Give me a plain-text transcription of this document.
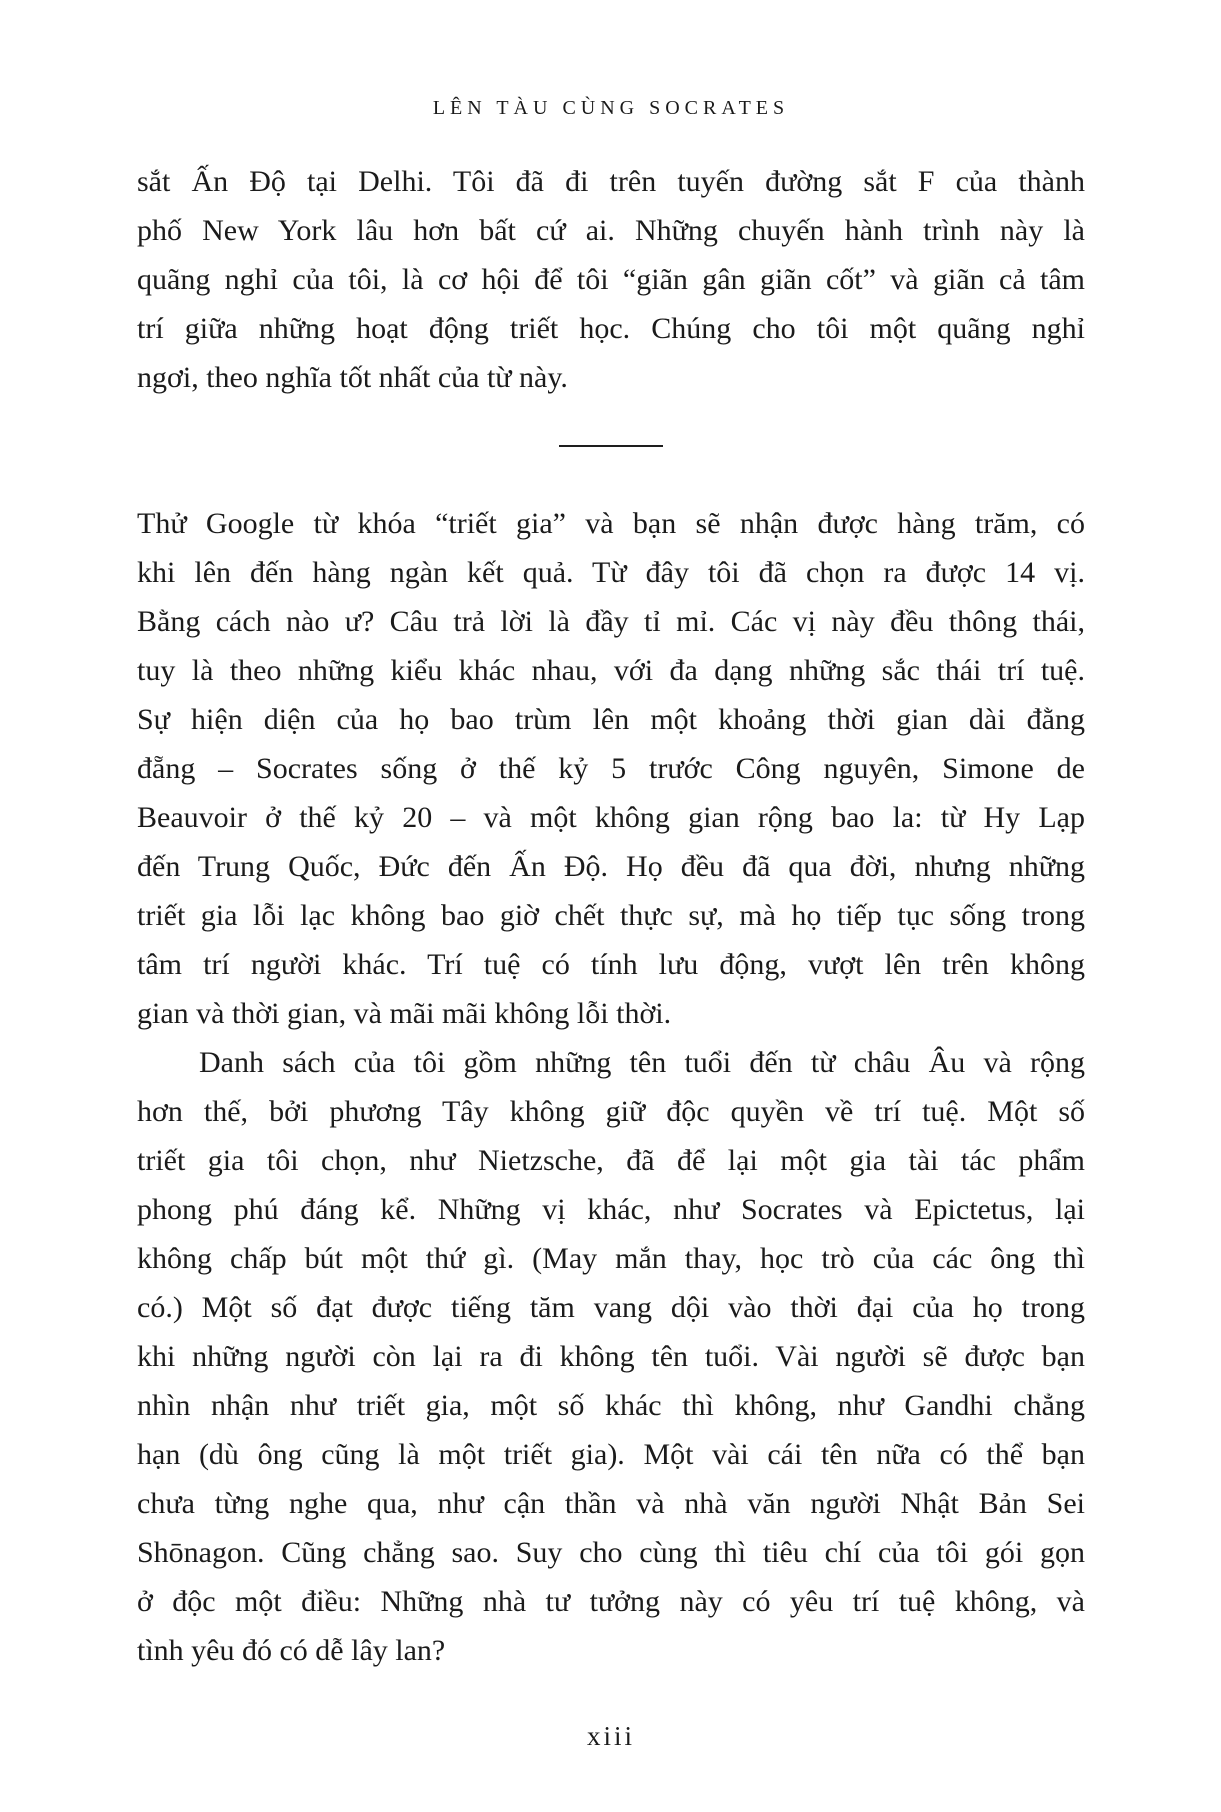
LÊN TÀU CÙNG SOCRATES
sắt Ấn Độ tại Delhi. Tôi đã đi trên tuyến đường sắt F của thành
phố New York lâu hơn bất cứ ai. Những chuyến hành trình này là
quãng nghỉ của tôi, là cơ hội để tôi “giãn gân giãn cốt” và giãn cả tâm
trí giữa những hoạt động triết học. Chúng cho tôi một quãng nghỉ
ngơi, theo nghĩa tốt nhất của từ này.
Thử Google từ khóa “triết gia” và bạn sẽ nhận được hàng trăm, có
khi lên đến hàng ngàn kết quả. Từ đây tôi đã chọn ra được 14 vị.
Bằng cách nào ư? Câu trả lời là đầy tỉ mỉ. Các vị này đều thông thái,
tuy là theo những kiểu khác nhau, với đa dạng những sắc thái trí tuệ.
Sự hiện diện của họ bao trùm lên một khoảng thời gian dài đằng
đẵng – Socrates sống ở thế kỷ 5 trước Công nguyên, Simone de
Beauvoir ở thế kỷ 20 – và một không gian rộng bao la: từ Hy Lạp
đến Trung Quốc, Đức đến Ấn Độ. Họ đều đã qua đời, nhưng những
triết gia lỗi lạc không bao giờ chết thực sự, mà họ tiếp tục sống trong
tâm trí người khác. Trí tuệ có tính lưu động, vượt lên trên không
gian và thời gian, và mãi mãi không lỗi thời.
Danh sách của tôi gồm những tên tuổi đến từ châu Âu và rộng
hơn thế, bởi phương Tây không giữ độc quyền về trí tuệ. Một số
triết gia tôi chọn, như Nietzsche, đã để lại một gia tài tác phẩm
phong phú đáng kể. Những vị khác, như Socrates và Epictetus, lại
không chấp bút một thứ gì. (May mắn thay, học trò của các ông thì
có.) Một số đạt được tiếng tăm vang dội vào thời đại của họ trong
khi những người còn lại ra đi không tên tuổi. Vài người sẽ được bạn
nhìn nhận như triết gia, một số khác thì không, như Gandhi chẳng
hạn (dù ông cũng là một triết gia). Một vài cái tên nữa có thể bạn
chưa từng nghe qua, như cận thần và nhà văn người Nhật Bản Sei
Shōnagon. Cũng chẳng sao. Suy cho cùng thì tiêu chí của tôi gói gọn
ở độc một điều: Những nhà tư tưởng này có yêu trí tuệ không, và
tình yêu đó có dễ lây lan?
xiii
